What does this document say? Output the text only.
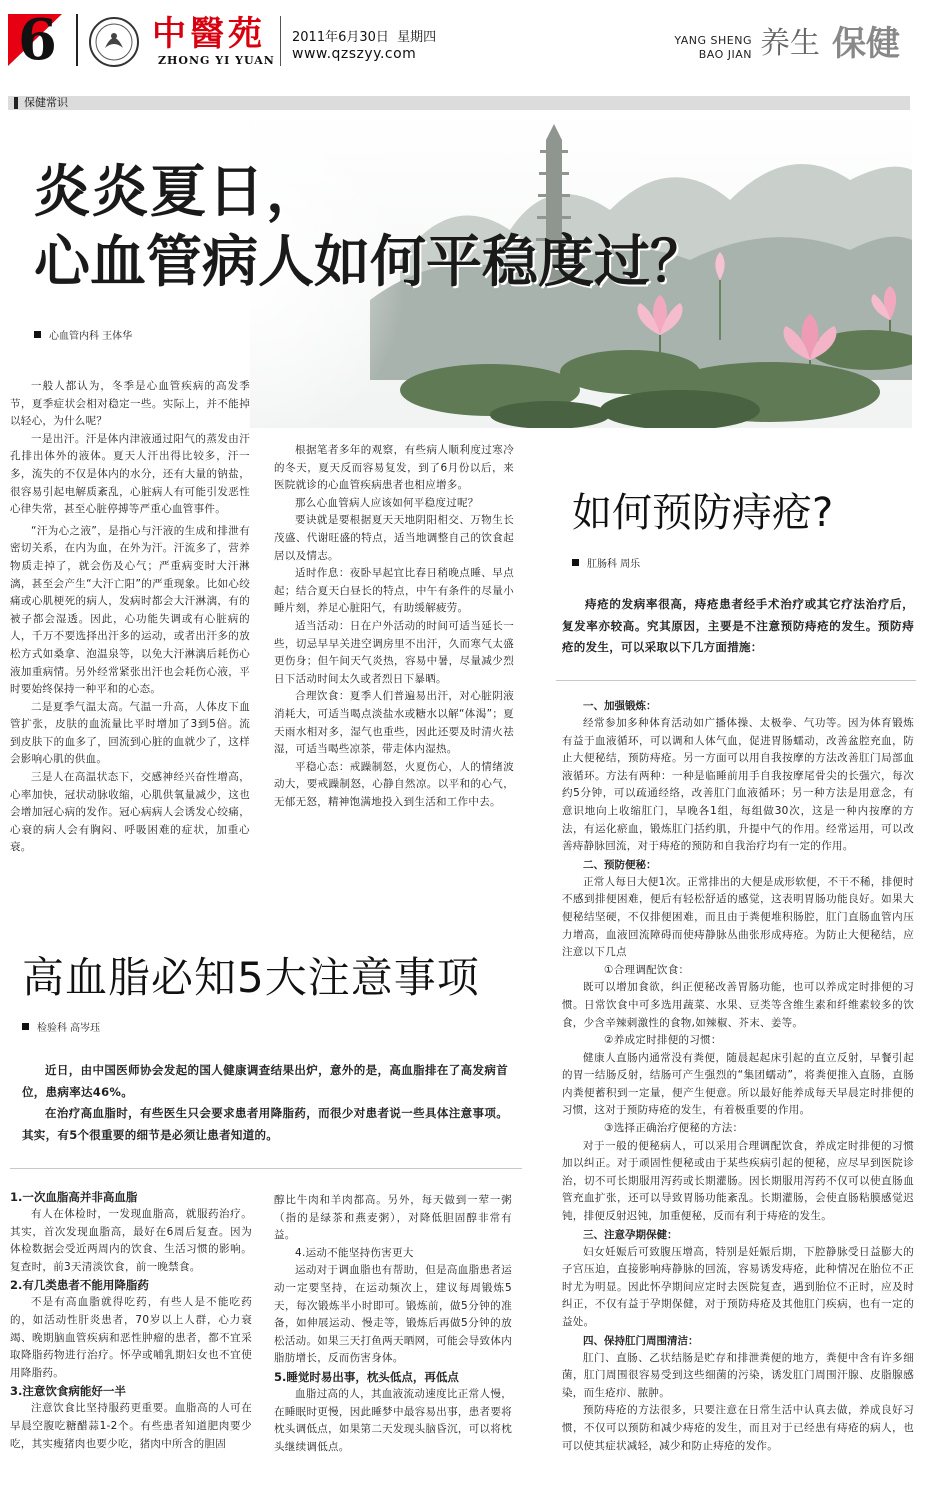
6	中醫苑
ZHONG YI YUAN
2011年6月30日  星期四
www.qzszyy.com
YANG SHENG
BAO JIAN 养生 保健
保健常识
炎炎夏日，
心血管病人如何平稳度过？
心血管内科 王体华

一般人都认为，冬季是心血管疾病的高发季节，夏季症状会相对稳定一些。实际上，并不能掉以轻心，为什么呢？

一是出汗。汗是体内津液通过阳气的蒸发由汗孔排出体外的液体。夏天人汗出得比较多，汗一多，流失的不仅是体内的水分，还有大量的钠盐，很容易引起电解质紊乱，心脏病人有可能引发恶性心律失常，甚至心脏停搏等严重心血管事件。

“汗为心之液”，是指心与汗液的生成和排泄有密切关系，在内为血，在外为汗。汗流多了，营养物质走掉了，就会伤及心气；严重病变时大汗淋漓，甚至会产生“大汗亡阳”的严重现象。比如心绞痛或心肌梗死的病人，发病时都会大汗淋漓，有的被子都会湿透。因此，心功能失调或有心脏病的人，千万不要选择出汗多的运动，或者出汗多的放松方式如桑拿、泡温泉等，以免大汗淋漓后耗伤心液加重病情。另外经常紧张出汗也会耗伤心液，平时要始终保持一种平和的心态。

二是夏季气温太高。气温一升高，人体皮下血管扩张，皮肤的血流量比平时增加了3到5倍。流到皮肤下的血多了，回流到心脏的血就少了，这样会影响心肌的供血。

三是人在高温状态下，交感神经兴奋性增高，心率加快，冠状动脉收缩，心肌供氧量减少，这也会增加冠心病的发作。冠心病病人会诱发心绞痛，心衰的病人会有胸闷、呼吸困难的症状，加重心衰。

根据笔者多年的观察，有些病人顺利度过寒冷的冬天，夏天反而容易复发，到了6月份以后，来医院就诊的心血管疾病患者也相应增多。

那么心血管病人应该如何平稳度过呢？

要诀就是要根据夏天天地阴阳相交、万物生长茂盛、代谢旺盛的特点，适当地调整自己的饮食起居以及情志。

适时作息：夜卧早起宜比春日稍晚点睡、早点起；结合夏天白昼长的特点，中午有条件的尽量小睡片刻，养足心脏阳气，有助缓解疲劳。

适当活动：日在户外活动的时间可适当延长一些，切忌早早关进空调房里不出汗，久而寒气太盛更伤身；但午间天气炎热，容易中暑，尽量减少烈日下活动时间太久或者烈日下暴晒。

合理饮食：夏季人们普遍易出汗，对心脏阴液消耗大，可适当喝点淡盐水或糖水以解“体渴”；夏天雨水相对多，湿气也重些，因此还要及时清火祛湿，可适当喝些凉茶，带走体内湿热。

平稳心态：戒躁制怒，火夏伤心，人的情绪波动大，要戒躁制怒，心静自然凉。以平和的心气，无郁无怒，精神饱满地投入到生活和工作中去。

高血脂必知5大注意事项
检验科 高岑珏

近日，由中国医师协会发起的国人健康调查结果出炉，意外的是，高血脂排在了高发病首位，患病率达46%。

在治疗高血脂时，有些医生只会要求患者用降脂药，而很少对患者说一些具体注意事项。其实，有5个很重要的细节是必须让患者知道的。

1.一次血脂高并非高血脂

有人在体检时，一发现血脂高，就服药治疗。其实，首次发现血脂高，最好在6周后复查。因为体检数据会受近两周内的饮食、生活习惯的影响。复查时，前3天清淡饮食，前一晚禁食。

2.有几类患者不能用降脂药

不是有高血脂就得吃药，有些人是不能吃药的，如活动性肝炎患者，70岁以上人群，心力衰竭、晚期脑血管疾病和恶性肿瘤的患者，都不宜采取降脂药物进行治疗。怀孕或哺乳期妇女也不宜使用降脂药。

3.注意饮食病能好一半

注意饮食比坚持服药更重要。血脂高的人可在早晨空腹吃糖醋蒜1-2个。有些患者知道肥肉要少吃，其实瘦猪肉也要少吃，猪肉中所含的胆固

醇比牛肉和羊肉都高。另外，每天做到一荤一粥（指的是绿茶和燕麦粥），对降低胆固醇非常有益。

4.运动不能坚持伤害更大

运动对于调血脂也有帮助，但是高血脂患者运动一定要坚持，在运动频次上，建议每周锻炼5天，每次锻炼半小时即可。锻炼前，做5分钟的准备，如伸展运动、慢走等，锻炼后再做5分钟的放松活动。如果三天打鱼两天晒网，可能会导致体内脂肪增长，反而伤害身体。

5.睡觉时易出事，枕头低点，再低点

血脂过高的人，其血液流动速度比正常人慢，在睡眠时更慢，因此睡梦中最容易出事，患者要将枕头调低点，如果第二天发现头脑昏沉，可以将枕头继续调低点。

如何预防痔疮?
肛肠科 周乐

痔疮的发病率很高，痔疮患者经手术治疗或其它疗法治疗后，复发率亦较高。究其原因，主要是不注意预防痔疮的发生。预防痔疮的发生，可以采取以下几方面措施：

一、加强锻炼：

经常参加多种体育活动如广播体操、太极拳、气功等。因为体育锻炼有益于血液循环，可以调和人体气血，促进胃肠蠕动，改善盆腔充血，防止大便秘结，预防痔疮。另一方面可以用自我按摩的方法改善肛门局部血液循环。方法有两种：一种是临睡前用手自我按摩尾骨尖的长强穴，每次约5分钟，可以疏通经络，改善肛门血液循环；另一种方法是用意念，有意识地向上收缩肛门，早晚各1组，每组做30次，这是一种内按摩的方法，有运化瘀血，锻炼肛门括约肌，升提中气的作用。经常运用，可以改善痔静脉回流，对于痔疮的预防和自我治疗均有一定的作用。

二、预防便秘：

正常人每日大便1次。正常排出的大便是成形软便，不干不稀，排便时不感到排便困难，便后有轻松舒适的感觉，这表明胃肠功能良好。如果大便秘结坚硬，不仅排便困难，而且由于粪便堆积肠腔，肛门直肠血管内压力增高，血液回流障碍而使痔静脉丛曲张形成痔疮。为防止大便秘结，应注意以下几点

①合理调配饮食：

既可以增加食欲，纠正便秘改善胃肠功能，也可以养成定时排便的习惯。日常饮食中可多选用蔬菜、水果、豆类等含维生素和纤维素较多的饮食，少含辛辣刺激性的食物,如辣椒、芥末、姜等。

②养成定时排便的习惯：

健康人直肠内通常没有粪便，随晨起起床引起的直立反射，早餐引起的胃一结肠反射，结肠可产生强烈的“集团蠕动”，将粪便推入直肠，直肠内粪便蓄积到一定量，便产生便意。所以最好能养成每天早晨定时排便的习惯，这对于预防痔疮的发生，有着极重要的作用。

③选择正确治疗便秘的方法：

对于一般的便秘病人，可以采用合理调配饮食，养成定时排便的习惯加以纠正。对于顽固性便秘或由于某些疾病引起的便秘，应尽早到医院诊治，切不可长期服用泻药或长期灌肠。因长期服用泻药不仅可以使直肠血管充血扩张，还可以导致胃肠功能紊乱。长期灌肠，会使直肠粘膜感觉迟钝，排便反射迟钝，加重便秘，反而有利于痔疮的发生。

三、注意孕期保健：

妇女妊娠后可致腹压增高，特别是妊娠后期，下腔静脉受日益膨大的子宫压迫，直接影响痔静脉的回流，容易诱发痔疮，此种情况在胎位不正时尤为明显。因此怀孕期间应定时去医院复查，遇到胎位不正时，应及时纠正，不仅有益于孕期保健，对于预防痔疮及其他肛门疾病，也有一定的益处。

四、保持肛门周围清洁：

肛门、直肠、乙状结肠是贮存和排泄粪便的地方，粪便中含有许多细菌，肛门周围很容易受到这些细菌的污染，诱发肛门周围汗腺、皮脂腺感染，而生疮疖、脓肿。

预防痔疮的方法很多，只要注意在日常生活中认真去做，养成良好习惯，不仅可以预防和减少痔疮的发生，而且对于已经患有痔疮的病人，也可以使其症状减轻，减少和防止痔疮的发作。
